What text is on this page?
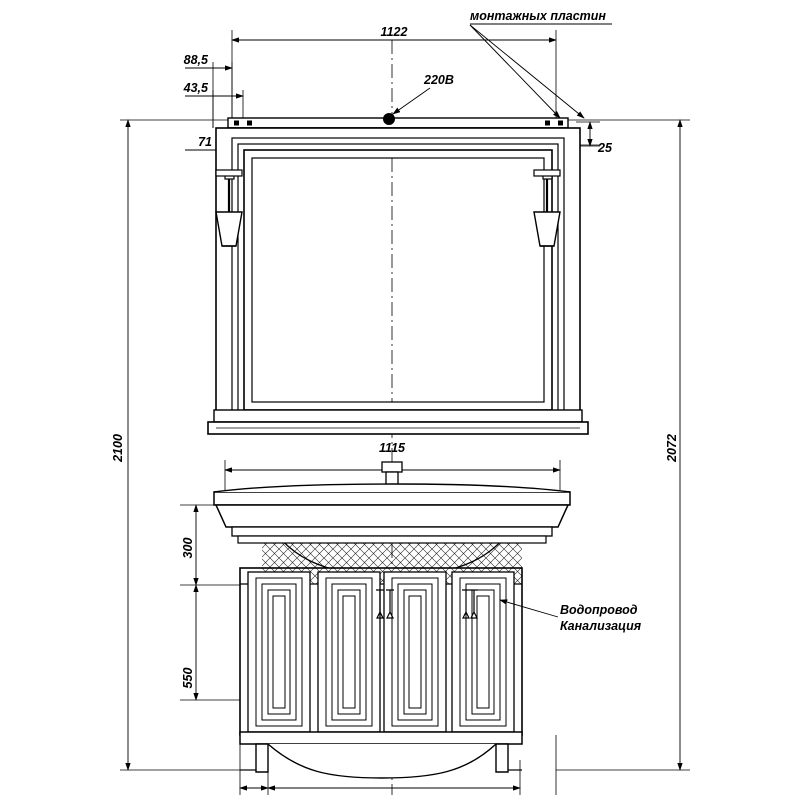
1122
88,5
43,5
71	25
2100	2072
1115
300
550
монтажных пластин
220В
Водопровод
Канализация
